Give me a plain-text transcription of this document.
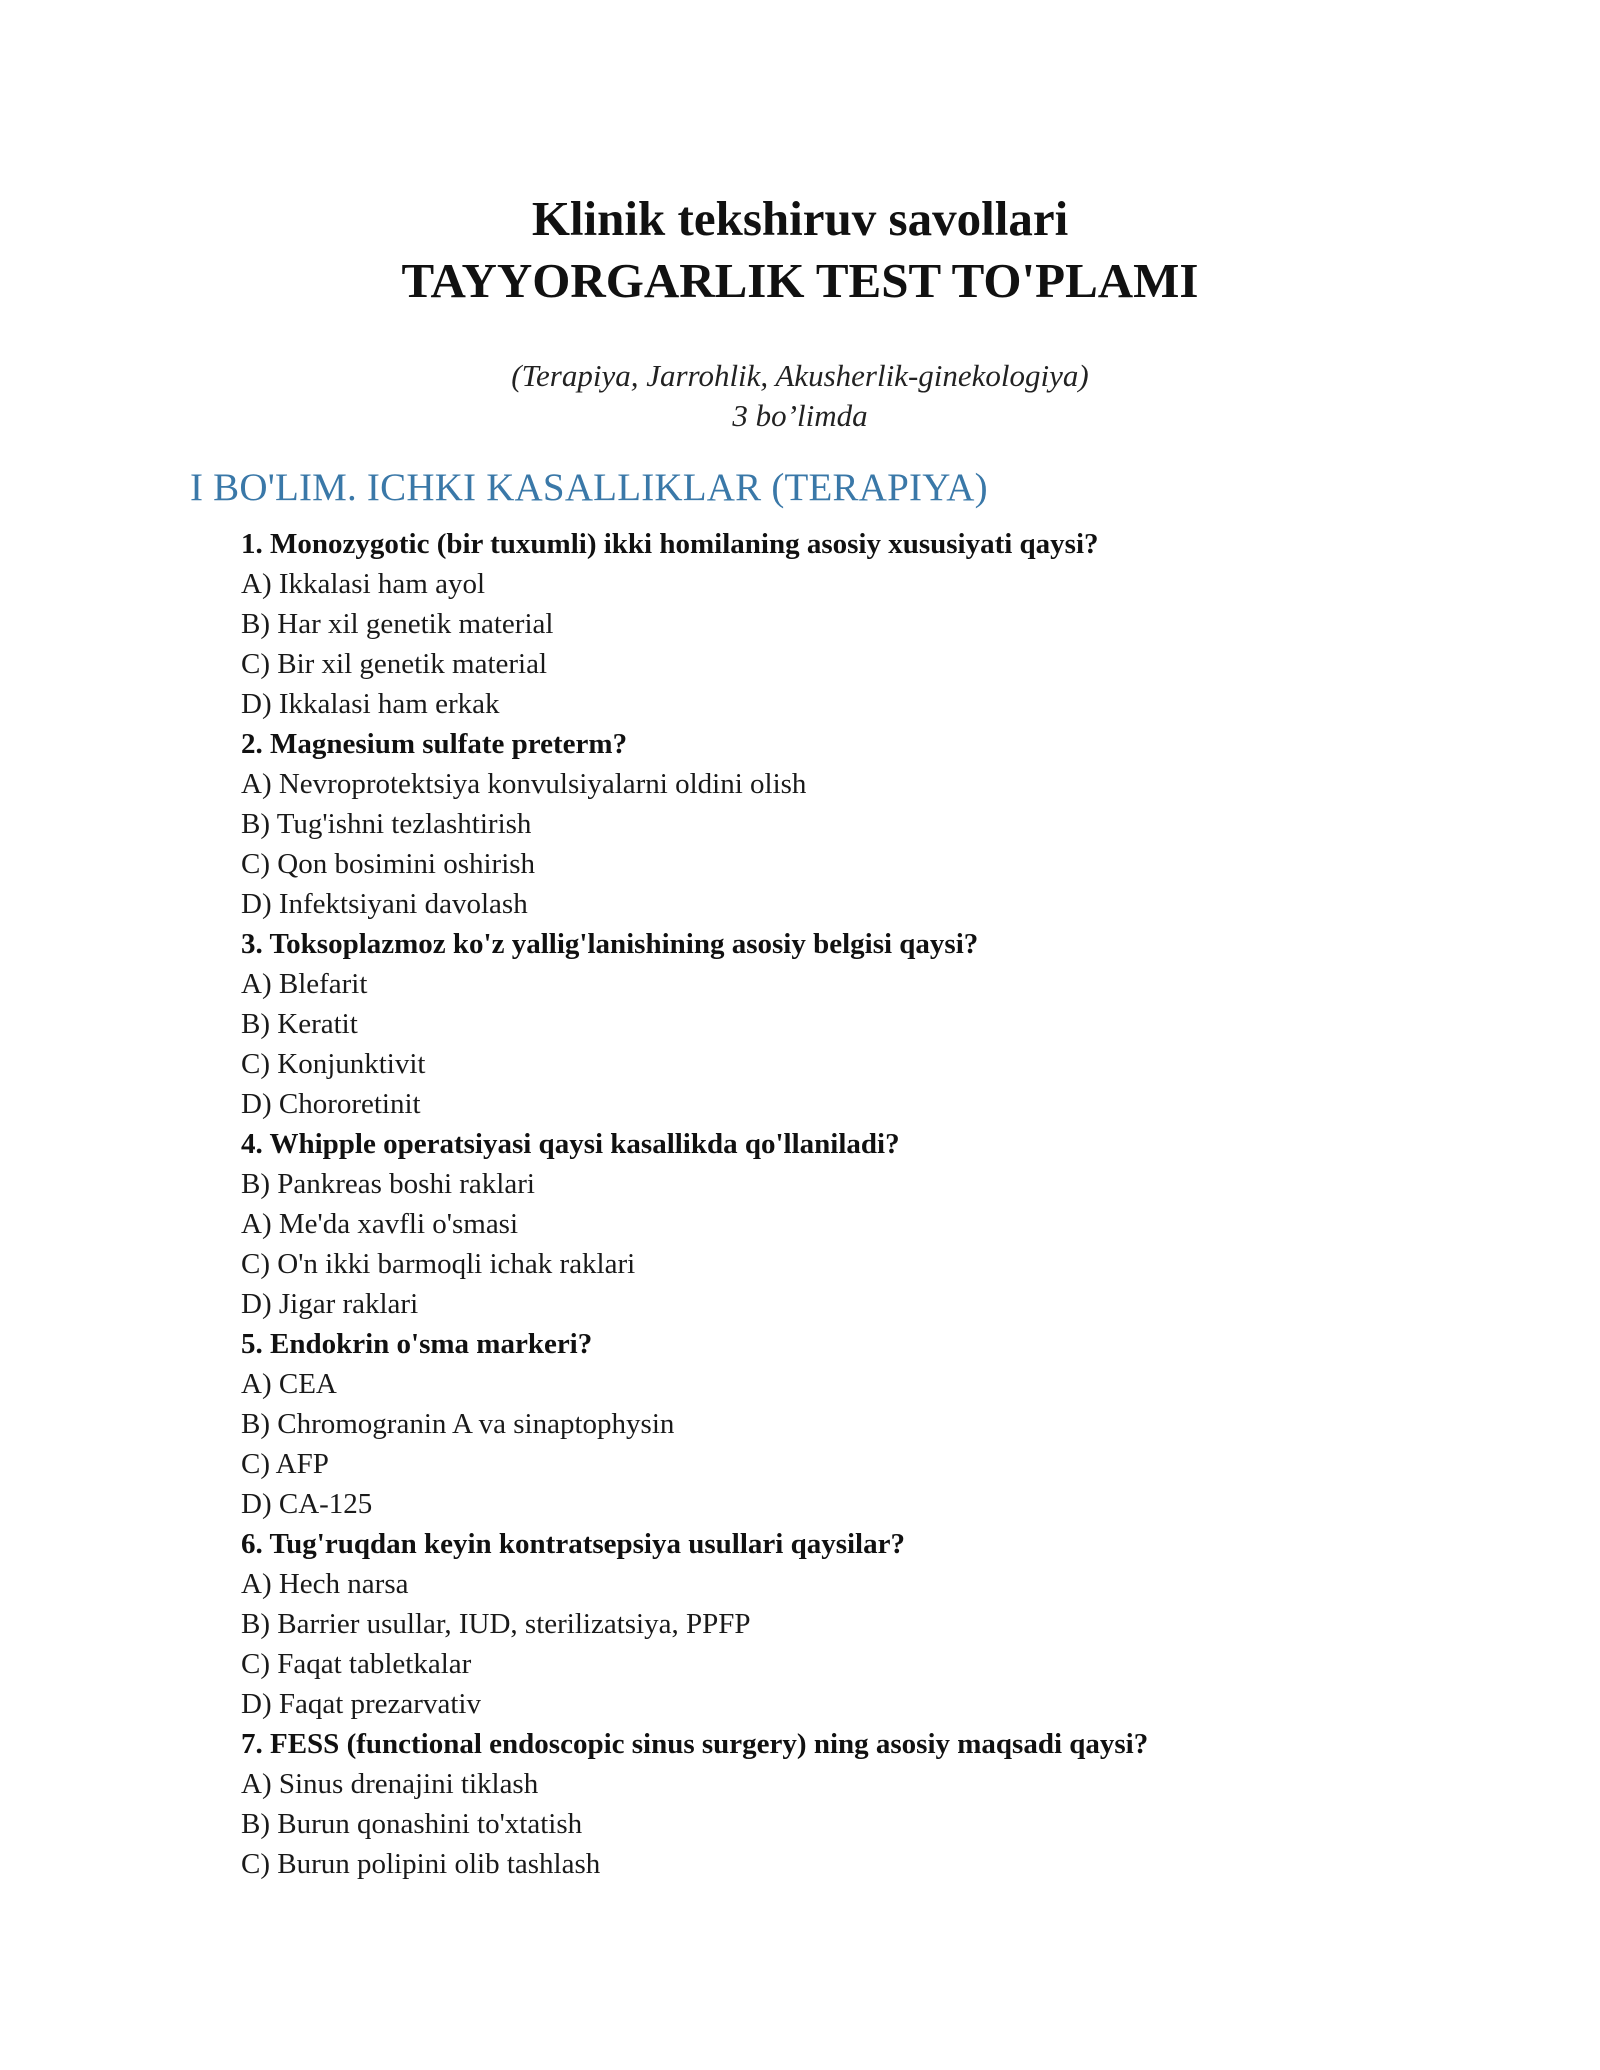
Klinik tekshiruv savollari
TAYYORGARLIK TEST TO'PLAMI
(Terapiya, Jarrohlik, Akusherlik-ginekologiya)
3 bo’limda
I BO'LIM. ICHKI KASALLIKLAR (TERAPIYA)
1. Monozygotic (bir tuxumli) ikki homilaning asosiy xususiyati qaysi?
A) Ikkalasi ham ayol
B) Har xil genetik material
C) Bir xil genetik material
D) Ikkalasi ham erkak
2. Magnesium sulfate preterm?
A) Nevroprotektsiya konvulsiyalarni oldini olish
B) Tug'ishni tezlashtirish
C) Qon bosimini oshirish
D) Infektsiyani davolash
3. Toksoplazmoz ko'z yallig'lanishining asosiy belgisi qaysi?
A) Blefarit
B) Keratit
C) Konjunktivit
D) Chororetinit
4. Whipple operatsiyasi qaysi kasallikda qo'llaniladi?
B) Pankreas boshi raklari
A) Me'da xavfli o'smasi
C) O'n ikki barmoqli ichak raklari
D) Jigar raklari
5. Endokrin o'sma markeri?
A) CEA
B) Chromogranin A va sinaptophysin
C) AFP
D) CA-125
6. Tug'ruqdan keyin kontratsepsiya usullari qaysilar?
A) Hech narsa
B) Barrier usullar, IUD, sterilizatsiya, PPFP
C) Faqat tabletkalar
D) Faqat prezarvativ
7. FESS (functional endoscopic sinus surgery) ning asosiy maqsadi qaysi?
A) Sinus drenajini tiklash
B) Burun qonashini to'xtatish
C) Burun polipini olib tashlash
